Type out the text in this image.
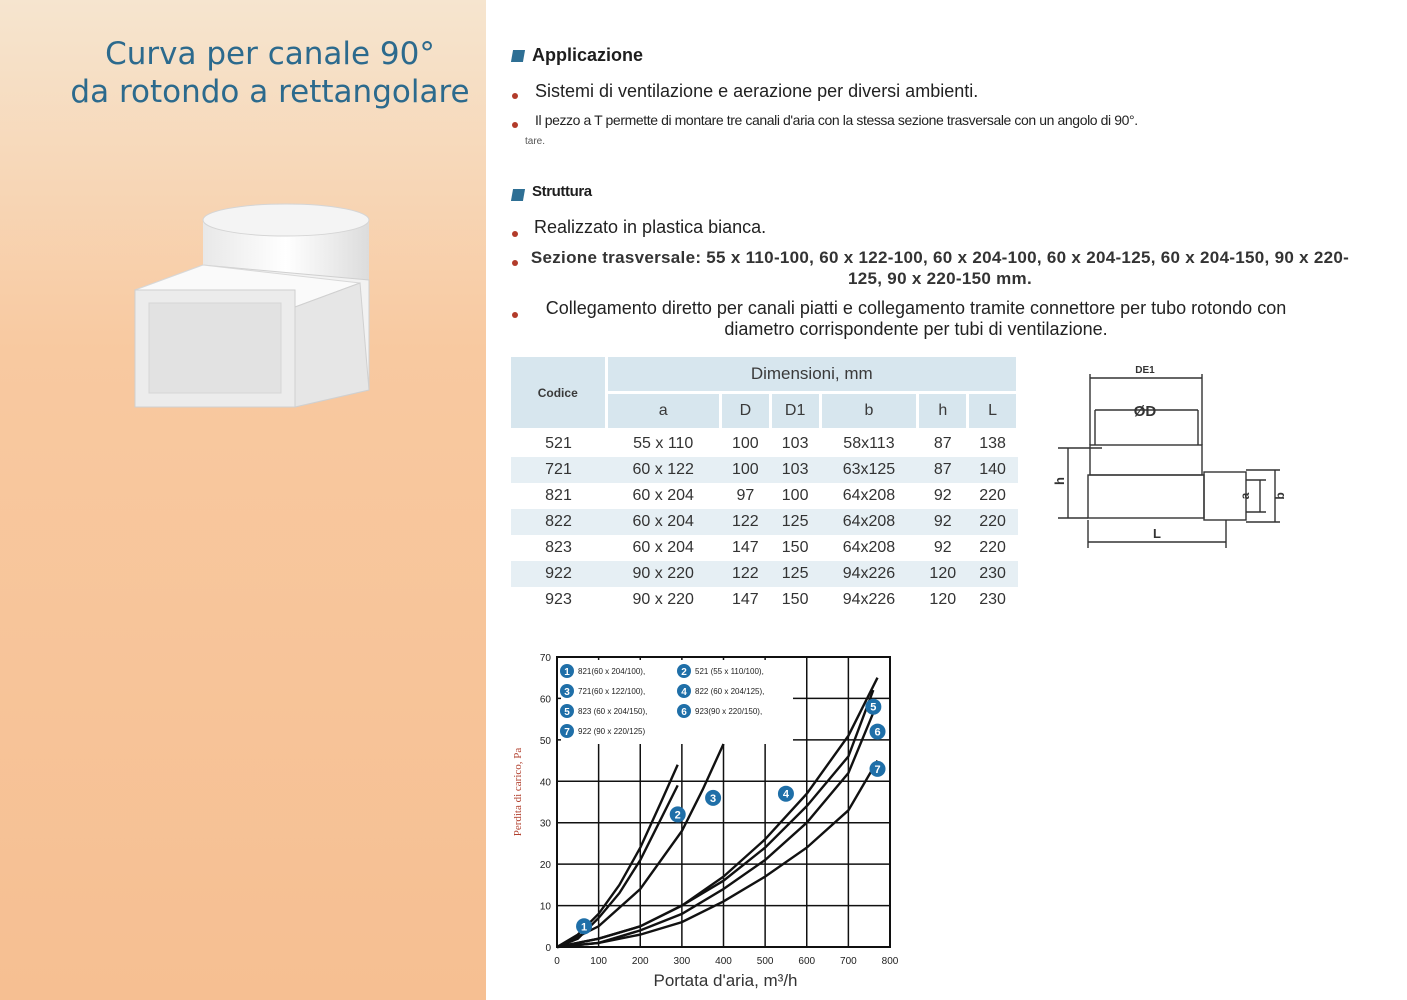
Curva per canale 90°
da rotondo a rettangolare
Applicazione
Sistemi di ventilazione e aerazione per diversi ambienti.
Il pezzo a T permette di montare tre canali d'aria con la stessa sezione trasversale con un angolo di 90°.
tare.
Struttura
Realizzato in plastica bianca.
Sezione trasversale: 55 x 110-100, 60 x 122-100, 60 x 204-100, 60 x 204-125, 60 x 204-150, 90 x 220-125, 90 x 220-150 mm.
Collegamento diretto per canali piatti e collegamento tramite connettore per tubo rotondo con diametro corrispondente per tubi di ventilazione.
Codice	Dimensioni, mm					
	a	D	D1	b	h	L
521	55 x 110	100	103	58x113	87	138
721	60 x 122	100	103	63x125	87	140
821	60 x 204	97	100	64x208	92	220
822	60 x 204	122	125	64x208	92	220
823	60 x 204	147	150	64x208	92	220
922	90 x 220	122	125	94x226	120	230
923	90 x 220	147	150	94x226	120	230
DE1
ØD
h
L
a b
0	100 200 300 400 500 600 700 800
0
10
20
30
40
50
60
70
1
2
3	4
5
6
7
1 821(60 x 204/100),	2 521 (55 x 110/100),
3 721(60 x 122/100),	4 822 (60 x 204/125),
5 823 (60 x 204/150),	6 923(90 x 220/150),
7 922 (90 x 220/125)
Perdita di carico, Pa
Portata d'aria, m³/h
